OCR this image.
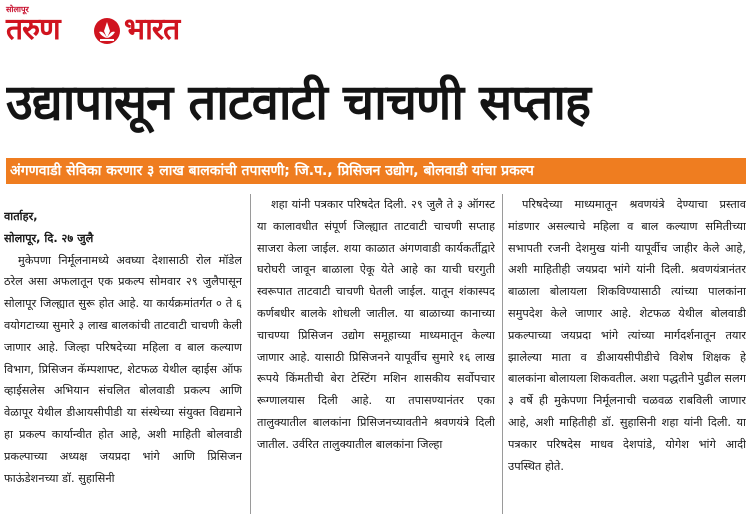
सोलापूर
तरुण भारत
उद्यापासून ताटवाटी चाचणी सप्ताह
अंगणवाडी सेविका करणार ३ लाख बालकांची तपासणी; जि.प., प्रिसिजन उद्योग, बोलवाडी यांचा प्रकल्प
वार्ताहर,
सोलापूर, दि. २७ जुलै

मुकेपणा निर्मूलनामध्ये अवघ्या देशासाठी रोल मॉडेल ठरेल असा अफलातून एक प्रकल्प सोमवार २९ जुलैपासून सोलापूर जिल्ह्यात सुरू होत आहे. या कार्यक्रमांतर्गत ० ते ६ वयोगटाच्या सुमारे ३ लाख बालकांची ताटवाटी चाचणी केली जाणार आहे. जिल्हा परिषदेच्या महिला व बाल कल्याण विभाग, प्रिसिजन कॅम्पशाफ्ट, शेटफळ येथील व्हाईस ऑफ व्हाईसलेस अभियान संचलित बोलवाडी प्रकल्प आणि वेळापूर येथील डीआयसीपीडी या संस्थेच्या संयुक्त विद्यमाने हा प्रकल्प कार्यान्वीत होत आहे, अशी माहिती बोलवाडी प्रकल्पाच्या अध्यक्ष जयप्रदा भांगे आणि प्रिसिजन फाऊंडेशनच्या डॉ. सुहासिनी

शहा यांनी पत्रकार परिषदेत दिली. २९ जुलै ते ३ ऑगस्ट या कालावधीत संपूर्ण जिल्ह्यात ताटवाटी चाचणी सप्ताह साजरा केला जाईल. शया काळात अंगणवाडी कार्यकर्तीद्वारे घरोघरी जावून बाळाला ऐकू येते आहे का याची घरगुती स्वरूपात ताटवाटी चाचणी घेतली जाईल. यातून शंकास्पद कर्णबधीर बालके शोधली जातील. या बाळाच्या कानाच्या चाचण्या प्रिसिजन उद्योग समूहाच्या माध्यमातून केल्या जाणार आहे. यासाठी प्रिसिजनने यापूर्वीच सुमारे १६ लाख रूपये किंमतीची बेरा टेस्टिंग मशिन शासकीय सर्वोपचार रूग्णालयास दिली आहे. या तपासण्यानंतर एका तालुक्यातील बालकांना प्रिसिजनच्यावतीने श्रवणयंत्रे दिली जातील. उर्वरित तालुक्यातील बालकांना जिल्हा

परिषदेच्या माध्यमातून श्रवणयंत्रे देण्याचा प्रस्ताव मांडणार असल्याचे महिला व बाल कल्याण समितीच्या सभापती रजनी देशमुख यांनी यापूर्वीच जाहीर केले आहे, अशी माहितीही जयप्रदा भांगे यांनी दिली. श्रवणयंत्रानंतर बाळाला बोलायला शिकविण्यासाठी त्यांच्या पालकांना समुपदेश केले जाणार आहे. शेटफळ येथील बोलवाडी प्रकल्पाच्या जयप्रदा भांगे त्यांच्या मार्गदर्शनातून तयार झालेल्या माता व डीआयसीपीडीचे विशेष शिक्षक हे बालकांना बोलायला शिकवतील. अशा पद्धतीने पुढील सलग ३ वर्षे ही मुकेपणा निर्मूलनाची चळवळ राबविली जाणार आहे, अशी माहितीही डॉ. सुहासिनी शहा यांनी दिली. या पत्रकार परिषदेस माधव देशपांडे, योगेश भांगे आदी उपस्थित होते.
